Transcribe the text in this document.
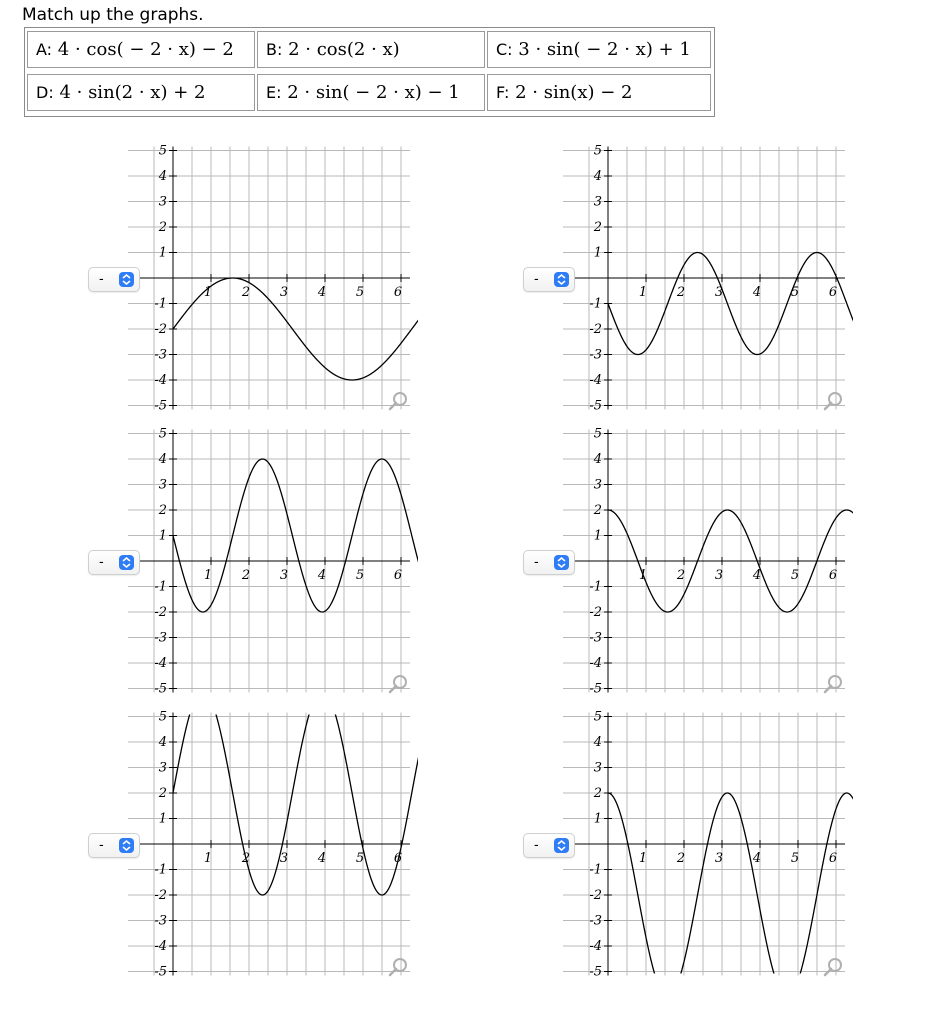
Match up the graphs.
A: 4 · cos( − 2 · x) − 2	B: 2 · cos(2 · x)	C: 3 · sin( − 2 · x) + 1
D: 4 · sin(2 · x) + 2	E: 2 · sin( − 2 · x) − 1	F: 2 · sin(x) − 2
1
2
3
4
5
-1
-2
-3
-4
-5
1 2 3 4 5 6
1
2
3
4
5
-1
-2
-3
-4
-5
1 2 3 4 5 6
1
2
3
4
5
-1
-2
-3
-4
-5
1 2 3 4 5 6
1
2
3
4
5
-1
-2
-3
-4
-5
1 2 3 4 5 6
1
2
3
4
5
-1
-2
-3
-4
-5
1 2 3 4 5 6
1
2
3
4
5
-1
-2
-3
-4
-5
1 2 3 4 5 6
-	-
-	-
-	-
